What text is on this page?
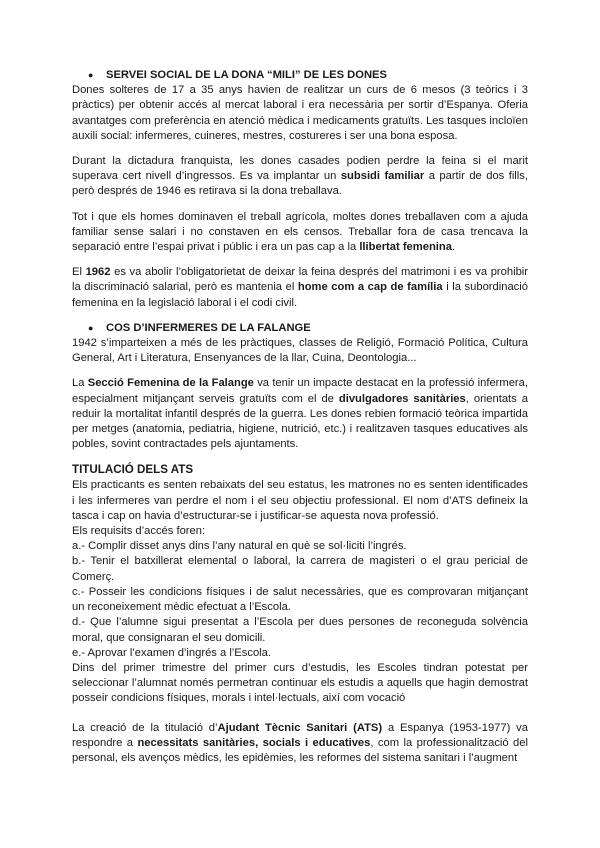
●	SERVEI SOCIAL DE LA DONA “MILI” DE LES DONES

Dones solteres de 17 a 35 anys havien de realitzar un curs de 6 mesos (3 teòrics i 3 pràctics) per obtenir accés al mercat laboral i era necessària per sortir d’Espanya. Oferia avantatges com preferència en atenció mèdica i medicaments gratuïts. Les tasques incloïen auxili social: infermeres, cuineres, mestres, costureres i ser una bona esposa.

Durant la dictadura franquista, les dones casades podien perdre la feina si el marit superava cert nivell d’ingressos. Es va implantar un subsidi familiar a partir de dos fills, però després de 1946 es retirava si la dona treballava.

Tot i que els homes dominaven el treball agrícola, moltes dones treballaven com a ajuda familiar sense salari i no constaven en els censos. Treballar fora de casa trencava la separació entre l’espai privat i públic i era un pas cap a la llibertat femenina.

El 1962 es va abolir l’obligatorietat de deixar la feina després del matrimoni i es va prohibir la discriminació salarial, però es mantenia el home com a cap de família i la subordinació femenina en la legislació laboral i el codi civil.

●	COS D’INFERMERES DE LA FALANGE

1942 s’imparteixen a més de les pràctiques, classes de Religió, Formació Política, Cultura General, Art i Literatura, Ensenyances de la llar, Cuina, Deontologia...

La Secció Femenina de la Falange va tenir un impacte destacat en la professió infermera, especialment mitjançant serveis gratuïts com el de divulgadores sanitàries, orientats a reduir la mortalitat infantil després de la guerra. Les dones rebien formació teòrica impartida per metges (anatomia, pediatria, higiene, nutrició, etc.) i realitzaven tasques educatives als pobles, sovint contractades pels ajuntaments.

TITULACIÓ DELS ATS

Els practicants es senten rebaixats del seu estatus, les matrones no es senten identificades i les infermeres van perdre el nom i el seu objectiu professional. El nom d’ATS defineix la tasca i cap on havia d’estructurar-se i justificar-se aquesta nova professió.

Els requisits d’accés foren:

a.- Complir disset anys dins l’any natural en què se sol·liciti l’ingrés.

b.- Tenir el batxillerat elemental o laboral, la carrera de magisteri o el grau pericial de Comerç.

c.- Posseir les condicions físiques i de salut necessàries, que es comprovaran mitjançant un reconeixement mèdic efectuat a l’Escola.

d.- Que l’alumne sigui presentat a l’Escola per dues persones de reconeguda solvència moral, que consignaran el seu domicili.

e.- Aprovar l’examen d’ingrés a l’Escola.

Dins del primer trimestre del primer curs d’estudis, les Escoles tindran potestat per seleccionar l’alumnat només permetran continuar els estudis a aquells que hagin demostrat posseir condicions físiques, morals i intel·lectuals, així com vocació

La creació de la titulació d’Ajudant Tècnic Sanitari (ATS) a Espanya (1953-1977) va respondre a necessitats sanitàries, socials i educatives, com la professionalització del personal, els avenços mèdics, les epidèmies, les reformes del sistema sanitari i l’augment
